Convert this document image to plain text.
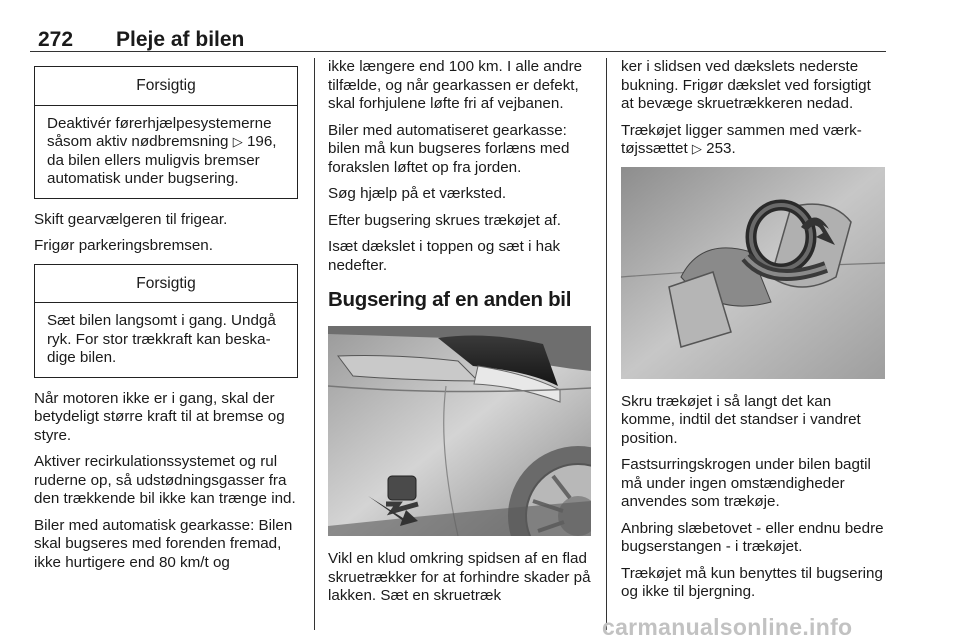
272 Pleje af bilen
Forsigtig
Deaktivér førerhjælpesystemerne såsom aktiv nødbremsning ▷ 196, da bilen ellers muligvis bremser automatisk under bugsering.

Skift gearvælgeren til frigear.

Frigør parkeringsbremsen.

Forsigtig
Sæt bilen langsomt i gang. Undgå ryk. For stor trækkraft kan beskadige bilen.

Når motoren ikke er i gang, skal der betydeligt større kraft til at bremse og styre.

Aktiver recirkulationssystemet og rul ruderne op, så udstødningsgasser fra den trækkende bil ikke kan trænge ind.

Biler med automatisk gearkasse: Bilen skal bugseres med forenden fremad, ikke hurtigere end 80 km/t og

ikke længere end 100 km. I alle andre tilfælde, og når gearkassen er defekt, skal forhjulene løfte fri af vejbanen.

Biler med automatiseret gearkasse: bilen må kun bugseres forlæns med forakslen løftet op fra jorden.

Søg hjælp på et værksted.

Efter bugsering skrues trækøjet af.

Isæt dækslet i toppen og sæt i hak nedefter.

Bugsering af en anden bil

Vikl en klud omkring spidsen af en flad skruetrækker for at forhindre skader på lakken. Sæt en skruetræk

ker i slidsen ved dækslets nederste bukning. Frigør dækslet ved forsigtigt at bevæge skruetrækkeren nedad.

Trækøjet ligger sammen med værktøjssættet ▷ 253.

Skru trækøjet i så langt det kan komme, indtil det standser i vandret position.

Fastsurringskrogen under bilen bagtil må under ingen omstændigheder anvendes som trækøje.

Anbring slæbetovet - eller endnu bedre bugserstangen - i trækøjet.

Trækøjet må kun benyttes til bugsering og ikke til bjergning.

carmanualsonline.info
